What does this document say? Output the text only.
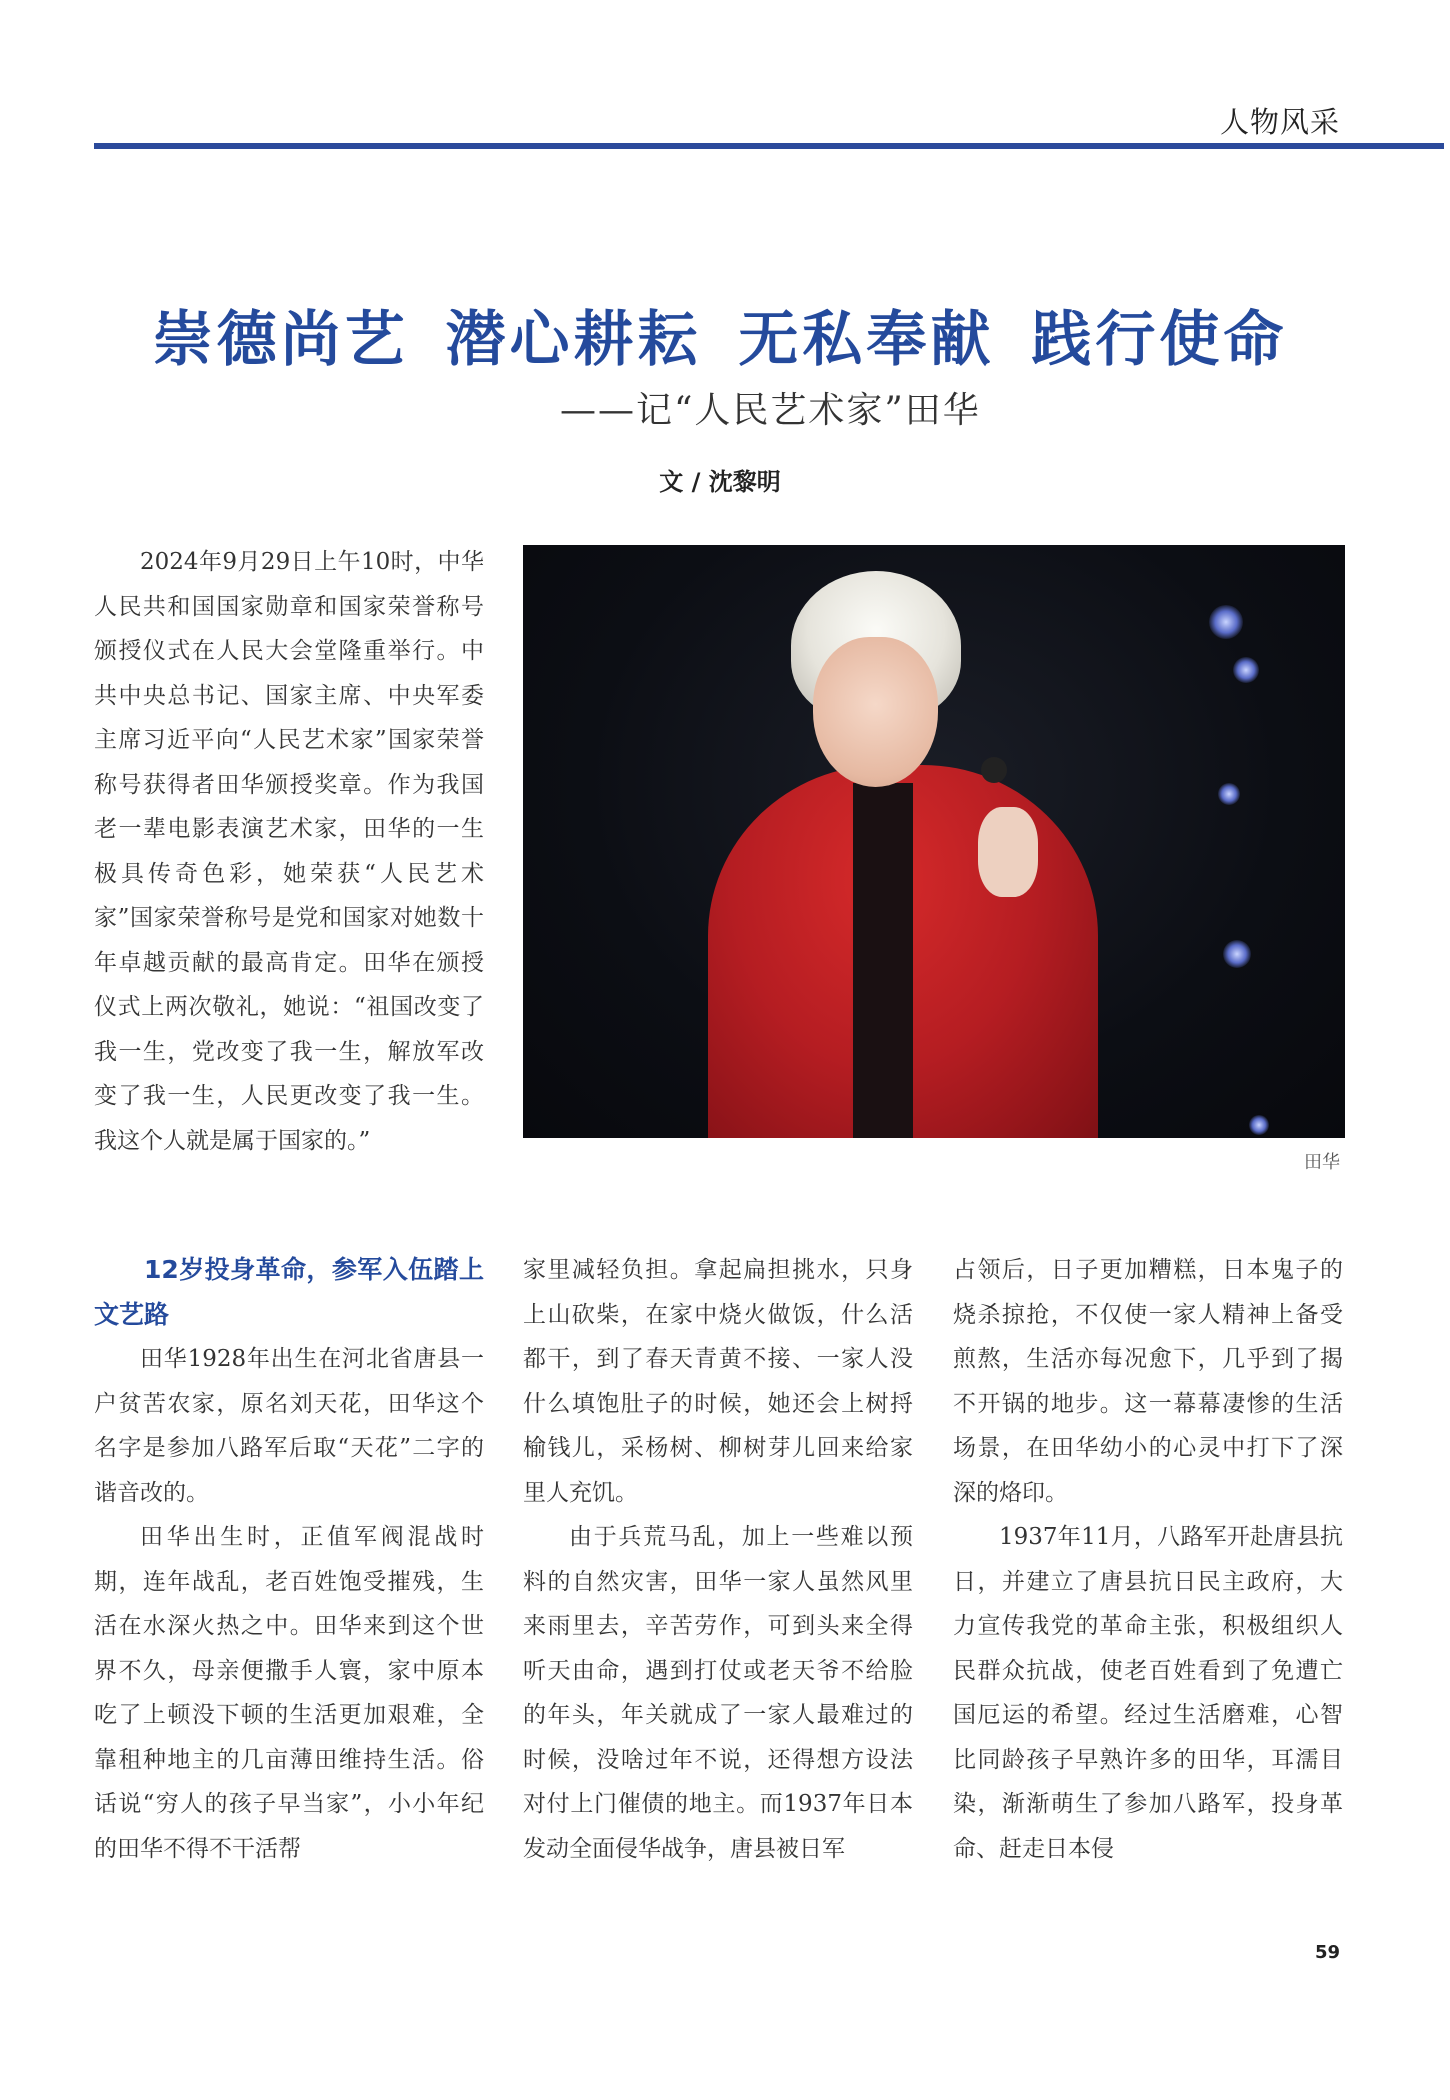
人物风采
崇德尚艺 潜心耕耘 无私奉献 践行使命
——记“人民艺术家”田华
文 / 沈黎明

2024年9月29日上午10时，中华人民共和国国家勋章和国家荣誉称号颁授仪式在人民大会堂隆重举行。中共中央总书记、国家主席、中央军委主席习近平向“人民艺术家”国家荣誉称号获得者田华颁授奖章。作为我国老一辈电影表演艺术家，田华的一生极具传奇色彩，她荣获“人民艺术家”国家荣誉称号是党和国家对她数十年卓越贡献的最高肯定。田华在颁授仪式上两次敬礼，她说：“祖国改变了我一生，党改变了我一生，解放军改变了我一生，人民更改变了我一生。我这个人就是属于国家的。”

田华

12岁投身革命，参军入伍踏上文艺路

田华1928年出生在河北省唐县一户贫苦农家，原名刘天花，田华这个名字是参加八路军后取“天花”二字的谐音改的。

田华出生时，正值军阀混战时期，连年战乱，老百姓饱受摧残，生活在水深火热之中。田华来到这个世界不久，母亲便撒手人寰，家中原本吃了上顿没下顿的生活更加艰难，全靠租种地主的几亩薄田维持生活。俗话说“穷人的孩子早当家”，小小年纪的田华不得不干活帮

家里减轻负担。拿起扁担挑水，只身上山砍柴，在家中烧火做饭，什么活都干，到了春天青黄不接、一家人没什么填饱肚子的时候，她还会上树捋榆钱儿，采杨树、柳树芽儿回来给家里人充饥。

由于兵荒马乱，加上一些难以预料的自然灾害，田华一家人虽然风里来雨里去，辛苦劳作，可到头来全得听天由命，遇到打仗或老天爷不给脸的年头，年关就成了一家人最难过的时候，没啥过年不说，还得想方设法对付上门催债的地主。而1937年日本发动全面侵华战争，唐县被日军

占领后，日子更加糟糕，日本鬼子的烧杀掠抢，不仅使一家人精神上备受煎熬，生活亦每况愈下，几乎到了揭不开锅的地步。这一幕幕凄惨的生活场景，在田华幼小的心灵中打下了深深的烙印。

1937年11月，八路军开赴唐县抗日，并建立了唐县抗日民主政府，大力宣传我党的革命主张，积极组织人民群众抗战，使老百姓看到了免遭亡国厄运的希望。经过生活磨难，心智比同龄孩子早熟许多的田华，耳濡目染，渐渐萌生了参加八路军，投身革命、赶走日本侵

59
